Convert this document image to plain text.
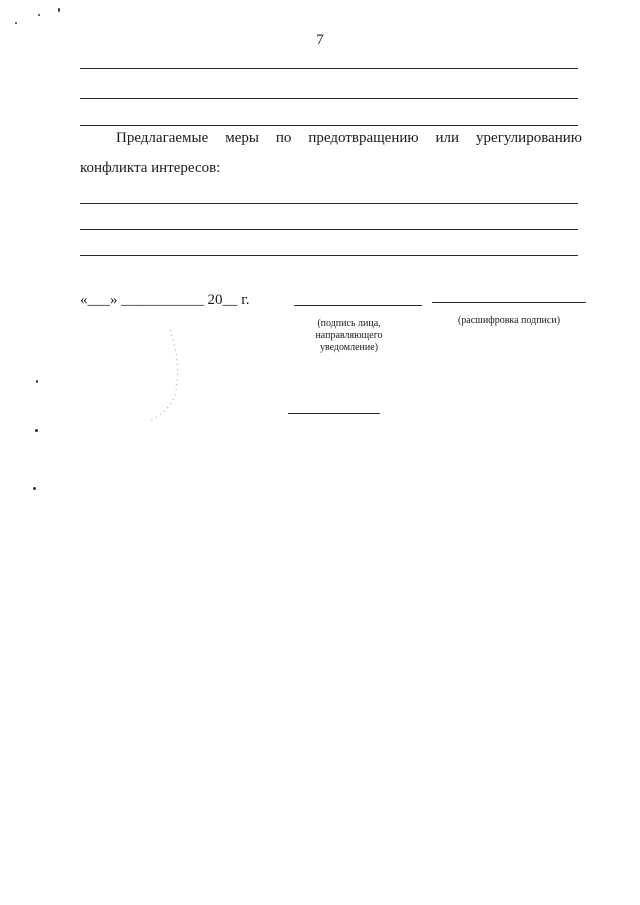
7
Предлагаемые меры по предотвращению или урегулированию
конфликта интересов:
«___» ___________ 20__ г.
(подпись лица,
направляющего
уведомление)
(расшифровка подписи)
